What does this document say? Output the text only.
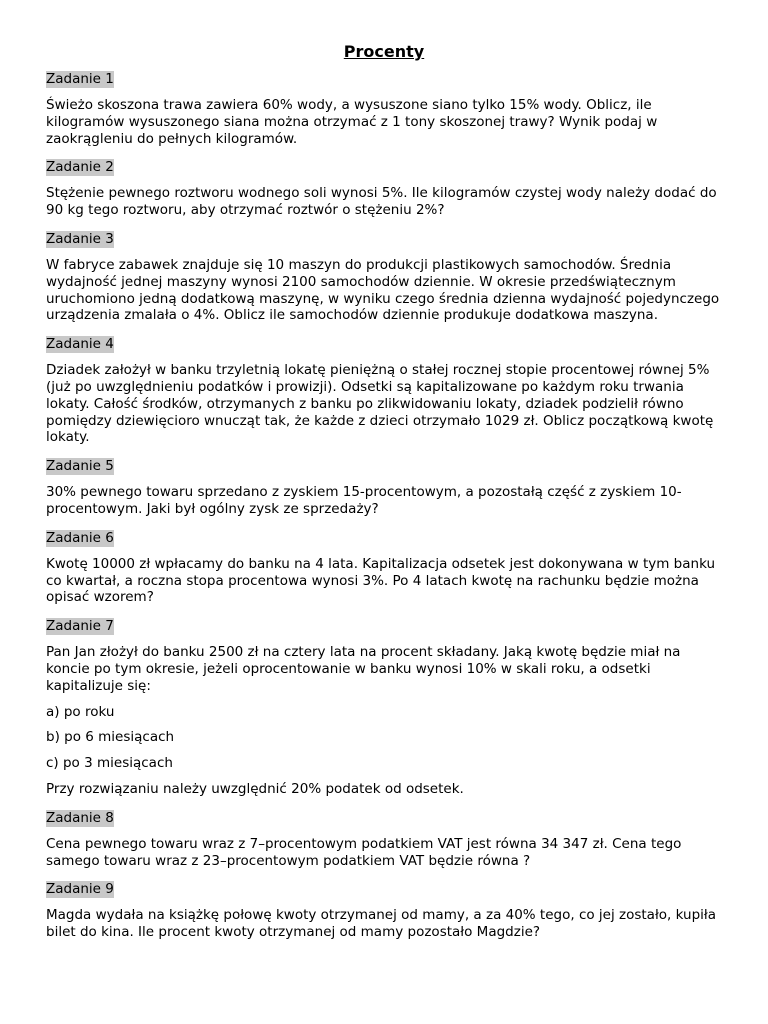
Procenty
Zadanie 1

Świeżo skoszona trawa zawiera 60% wody, a wysuszone siano tylko 15% wody. Oblicz, ile kilogramów wysuszonego siana można otrzymać z 1 tony skoszonej trawy? Wynik podaj w zaokrągleniu do pełnych kilogramów.

Zadanie 2

Stężenie pewnego roztworu wodnego soli wynosi 5%. Ile kilogramów czystej wody należy dodać do 90 kg tego roztworu, aby otrzymać roztwór o stężeniu 2%?

Zadanie 3

W fabryce zabawek znajduje się 10 maszyn do produkcji plastikowych samochodów. Średnia wydajność jednej maszyny wynosi 2100 samochodów dziennie. W okresie przedświątecznym uruchomiono jedną dodatkową maszynę, w wyniku czego średnia dzienna wydajność pojedynczego urządzenia zmalała o 4%. Oblicz ile samochodów dziennie produkuje dodatkowa maszyna.

Zadanie 4

Dziadek założył w banku trzyletnią lokatę pieniężną o stałej rocznej stopie procentowej równej 5% (już po uwzględnieniu podatków i prowizji). Odsetki są kapitalizowane po każdym roku trwania lokaty. Całość środków, otrzymanych z banku po zlikwidowaniu lokaty, dziadek podzielił równo pomiędzy dziewięcioro wnucząt tak, że każde z dzieci otrzymało 1029 zł. Oblicz początkową kwotę lokaty.

Zadanie 5

30% pewnego towaru sprzedano z zyskiem 15-procentowym, a pozostałą część z zyskiem 10-procentowym. Jaki był ogólny zysk ze sprzedaży?

Zadanie 6

Kwotę 10000 zł wpłacamy do banku na 4 lata. Kapitalizacja odsetek jest dokonywana w tym banku co kwartał, a roczna stopa procentowa wynosi 3%. Po 4 latach kwotę na rachunku będzie można opisać wzorem?

Zadanie 7

Pan Jan złożył do banku 2500 zł na cztery lata na procent składany. Jaką kwotę będzie miał na koncie po tym okresie, jeżeli oprocentowanie w banku wynosi 10% w skali roku, a odsetki kapitalizuje się:

a) po roku

b) po 6 miesiącach

c) po 3 miesiącach

Przy rozwiązaniu należy uwzględnić 20% podatek od odsetek.

Zadanie 8

Cena pewnego towaru wraz z 7–procentowym podatkiem VAT jest równa 34 347 zł. Cena tego samego towaru wraz z 23–procentowym podatkiem VAT będzie równa ?

Zadanie 9

Magda wydała na książkę połowę kwoty otrzymanej od mamy, a za 40% tego, co jej zostało, kupiła bilet do kina. Ile procent kwoty otrzymanej od mamy pozostało Magdzie?
